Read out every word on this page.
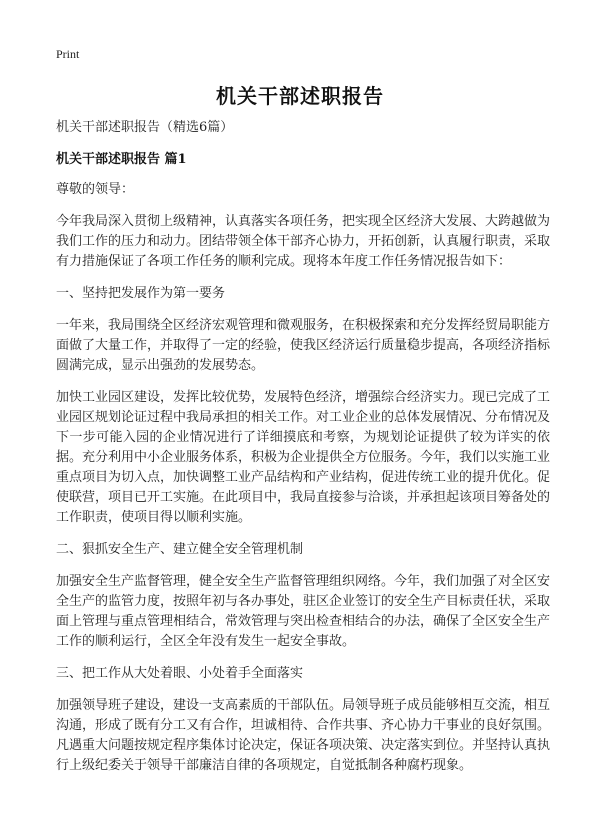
Print
机关干部述职报告

机关干部述职报告（精选6篇）

机关干部述职报告 篇1

尊敬的领导：

今年我局深入贯彻上级精神，认真落实各项任务，把实现全区经济大发展、大跨越做为我们工作的压力和动力。团结带领全体干部齐心协力，开拓创新，认真履行职责，采取有力措施保证了各项工作任务的顺利完成。现将本年度工作任务情况报告如下：

一、坚持把发展作为第一要务

一年来，我局围绕全区经济宏观管理和微观服务，在积极探索和充分发挥经贸局职能方面做了大量工作，并取得了一定的经验，使我区经济运行质量稳步提高，各项经济指标圆满完成，显示出强劲的发展势态。

加快工业园区建设，发挥比较优势，发展特色经济，增强综合经济实力。现已完成了工业园区规划论证过程中我局承担的相关工作。对工业企业的总体发展情况、分布情况及下一步可能入园的企业情况进行了详细摸底和考察，为规划论证提供了较为详实的依据。充分利用中小企业服务体系，积极为企业提供全方位服务。今年，我们以实施工业重点项目为切入点，加快调整工业产品结构和产业结构，促进传统工业的提升优化。促使联营，项目已开工实施。在此项目中，我局直接参与洽谈，并承担起该项目筹备处的工作职责，使项目得以顺利实施。

二、狠抓安全生产、建立健全安全管理机制

加强安全生产监督管理，健全安全生产监督管理组织网络。今年，我们加强了对全区安全生产的监管力度，按照年初与各办事处，驻区企业签订的安全生产目标责任状，采取面上管理与重点管理相结合，常效管理与突出检查相结合的办法，确保了全区安全生产工作的顺利运行，全区全年没有发生一起安全事故。

三、把工作从大处着眼、小处着手全面落实

加强领导班子建设，建设一支高素质的干部队伍。局领导班子成员能够相互交流，相互沟通，形成了既有分工又有合作，坦诚相待、合作共事、齐心协力干事业的良好氛围。凡遇重大问题按规定程序集体讨论决定，保证各项决策、决定落实到位。并坚持认真执行上级纪委关于领导干部廉洁自律的各项规定，自觉抵制各种腐朽现象。
